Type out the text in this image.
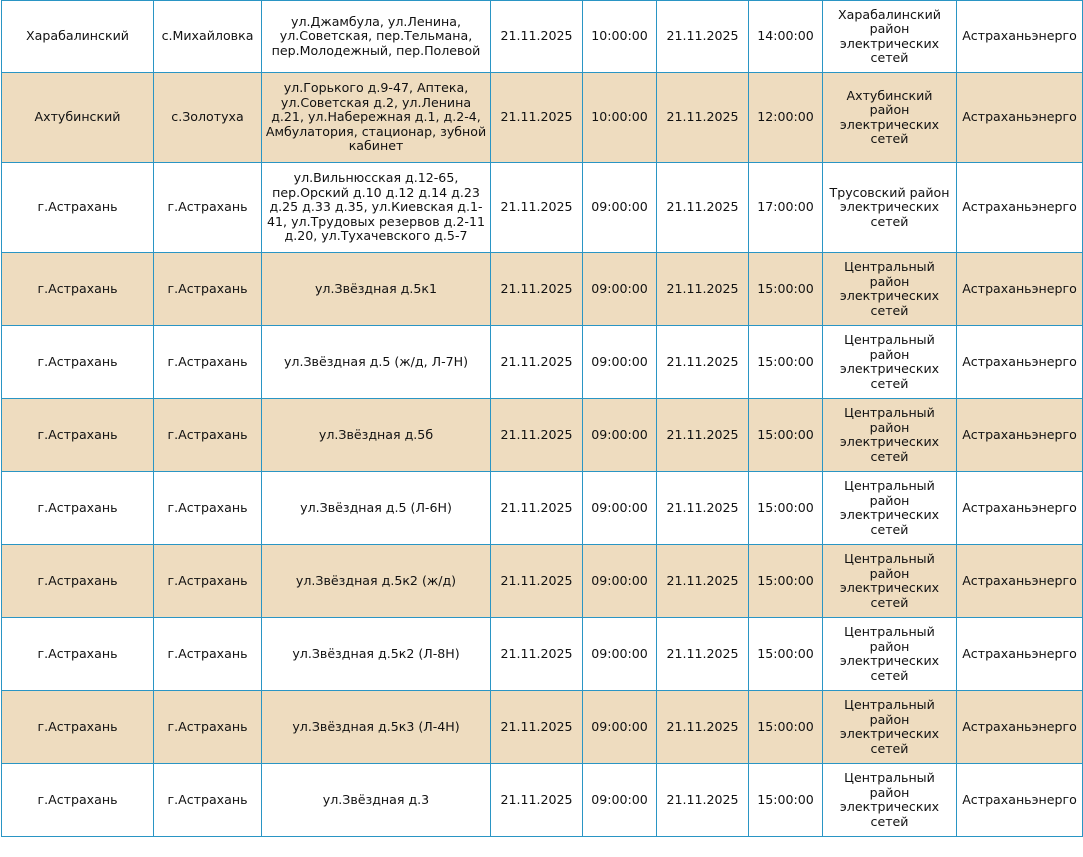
Харабалинский	с.Михайловка	ул.Джамбула, ул.Ленина, ул.Советская, пер.Тельмана, пер.Молодежный, пер.Полевой	21.11.2025	10:00:00	21.11.2025	14:00:00	Харабалинский район электрических сетей	Астраханьэнерго
Ахтубинский	с.Золотуха	ул.Горького д.9-47, Аптека, ул.Советская д.2, ул.Ленина д.21, ул.Набережная д.1, д.2-4, Амбулатория, стационар, зубной кабинет	21.11.2025	10:00:00	21.11.2025	12:00:00	Ахтубинский район электрических сетей	Астраханьэнерго
г.Астрахань	г.Астрахань	ул.Вильнюсская д.12-65, пер.Орский д.10 д.12 д.14 д.23 д.25 д.33 д.35, ул.Киевская д.1-41, ул.Трудовых резервов д.2-11 д.20, ул.Тухачевского д.5-7	21.11.2025	09:00:00	21.11.2025	17:00:00	Трусовский район электрических сетей	Астраханьэнерго
г.Астрахань	г.Астрахань	ул.Звёздная д.5к1	21.11.2025	09:00:00	21.11.2025	15:00:00	Центральный район электрических сетей	Астраханьэнерго
г.Астрахань	г.Астрахань	ул.Звёздная д.5 (ж/д, Л-7Н)	21.11.2025	09:00:00	21.11.2025	15:00:00	Центральный район электрических сетей	Астраханьэнерго
г.Астрахань	г.Астрахань	ул.Звёздная д.5б	21.11.2025	09:00:00	21.11.2025	15:00:00	Центральный район электрических сетей	Астраханьэнерго
г.Астрахань	г.Астрахань	ул.Звёздная д.5 (Л-6Н)	21.11.2025	09:00:00	21.11.2025	15:00:00	Центральный район электрических сетей	Астраханьэнерго
г.Астрахань	г.Астрахань	ул.Звёздная д.5к2 (ж/д)	21.11.2025	09:00:00	21.11.2025	15:00:00	Центральный район электрических сетей	Астраханьэнерго
г.Астрахань	г.Астрахань	ул.Звёздная д.5к2 (Л-8Н)	21.11.2025	09:00:00	21.11.2025	15:00:00	Центральный район электрических сетей	Астраханьэнерго
г.Астрахань	г.Астрахань	ул.Звёздная д.5к3 (Л-4Н)	21.11.2025	09:00:00	21.11.2025	15:00:00	Центральный район электрических сетей	Астраханьэнерго
г.Астрахань	г.Астрахань	ул.Звёздная д.3	21.11.2025	09:00:00	21.11.2025	15:00:00	Центральный район электрических сетей	Астраханьэнерго
